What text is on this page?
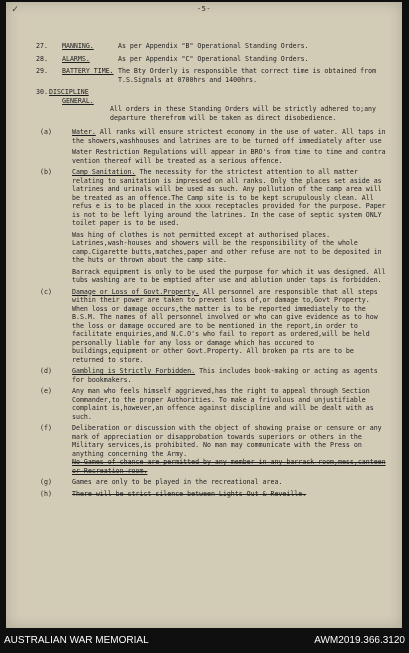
✓	-5-
27.	MANNING.	As per Appendix "B" Operational Standing Orders.
28.	ALARMS.	As per Appendix "C" Operational Standing Orders.
29.	BATTERY TIME. The Bty Orderly is responsible that correct time is obtained from T.S.Signals at 0700hrs and 1400hrs.
30. DISCIPLINE
GENERAL.
All orders in these Standing Orders will be strictly adhered to;any departure therefrom will be taken as direct disobedience.
(a)	Water. All ranks will ensure strictest economy in the use of water. All taps in the showers,washhouses and latrines are to be turned off immediately after use

Water Restriction Regulations will appear in BRO's from time to time and contra vention thereof will be treated as a serious offence.

(b)	Camp Sanitation. The necessity for the strictest attention to all matter relating to sanitation is impressed on all ranks. Only the places set aside as latrines and urinals will be used as such. Any pollution of the camp area will be treated as an offence.The Camp site is to be kept scrupulously clean. All refus e is to be placed in the xxxx receptacles provided for the purpose. Paper is not to be left lying around the latrines. In the case of septic system ONLY toilet paper is to be used.

Was hing of clothes is not permitted except at authorised places. Latrines,wash-houses and showers will be the responsibility of the whole camp.Cigarette butts,matches,paper and other refuse are not to be deposited in the huts or thrown about the camp site.

Barrack equipment is only to be used the purpose for which it was designed. All tubs washing are to be emptied after use and ablution under taps is forbidden.

(c)	Damage or Loss of Govt.Property. All personnel are responsible that all steps within their power are taken to prevent loss of,or damage to,Govt Property. When loss or damage occurs,the matter is to be reported immediately to the B.S.M. The names of all personnel involved or who can give evidence as to how the loss or damage occured are to be mentioned in the report,in order to facilitate enquiries,and N.C.O's who fail to report as ordered,will be held personally liable for any loss or damage which has occured to buildings,equipment or other Govt.Property. All broken pa rts are to be returned to store.

(d)	Gambling is Strictly Forbidden. This includes book-making or acting as agents for bookmakers.

(e)	Any man who feels himself aggrieved,has the right to appeal through Section Commander,to the proper Authorities. To make a frivolous and unjustifiable complaint is,however,an offence against discipline and will be dealt with as such.

(f)	Deliberation or discussion with the object of showing praise or censure or any mark of appreciation or disapprobation towards superiors or others in the Military services,is prohibited. No man may communicate with the Press on anything concerning the Army.

No Games of chance are permitted by any member in any barrack room,mess,canteen or Recreation room.

(g)	Games are only to be played in the recreational area.

(h)	There will be strict silence between Lights Out & Reveille.

AUSTRALIAN WAR MEMORIAL	AWM2019.366.3120
